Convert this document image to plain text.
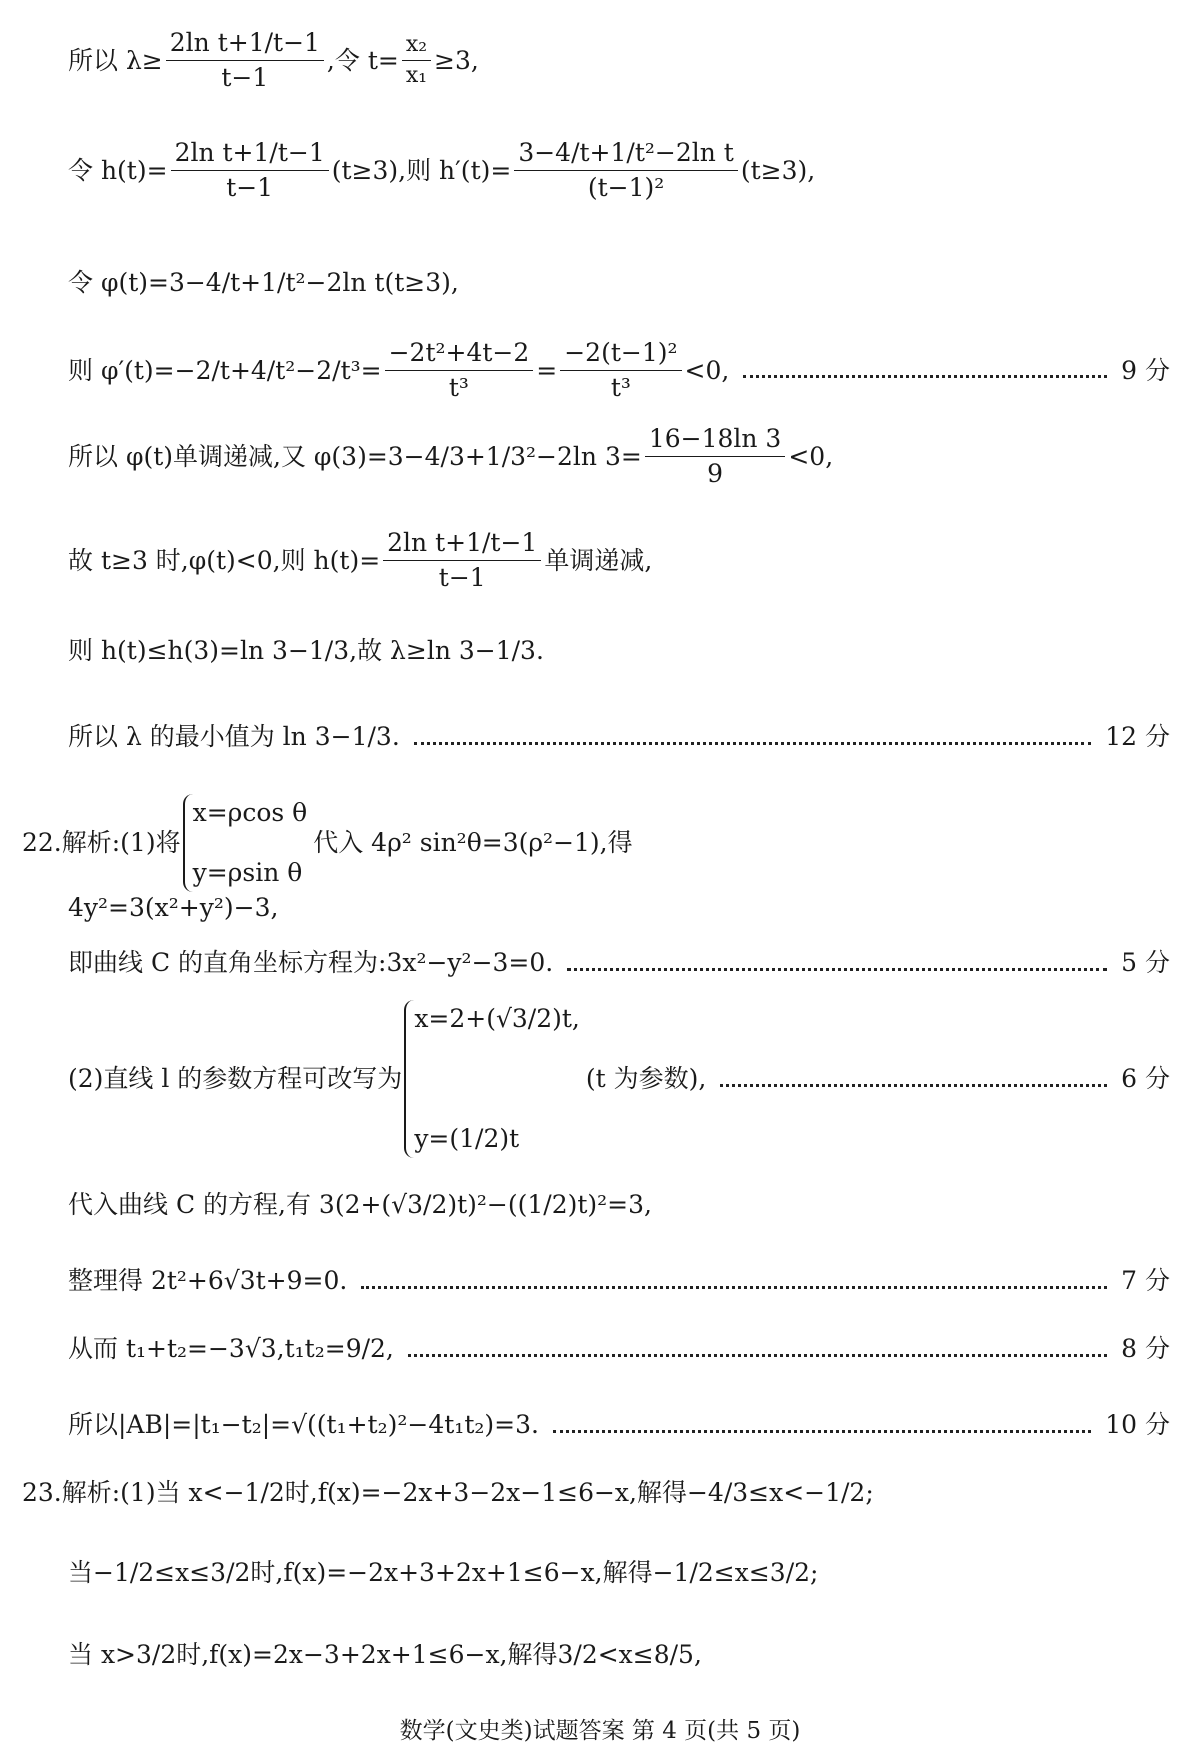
所以 $\lambda\ge \frac{\text{2ln t+1/t−1}}{t-1}$ ,令 $t= \frac{\text{x₂}}{\text{x₁}} \ge 3$,
令 $h(t)= \frac{\text{2ln t+1/t−1}}{t-1} (t\ge 3)$,则 $h'(t)= \frac{\text{3−4/t+1/t²−2ln t}}{\text{(t−1)²}} (t\ge 3)$,
令 φ(t)=3−4/t+1/t²−2ln t(t≥3),
则 $\varphi'(t)=-2/t+4/t^2-2/t^3= \frac{\text{−2t²+4t−2}}{\text{t³}} = \frac{\text{−2(t−1)²}}{\text{t³}} <0$,	9 分
所以 φ(t)单调递减,又 φ(3)=3−4/3+1/3²−2ln $3= \frac{16-18\ln 3}{9} <0$,
故 t≥3 时,φ(t)<0,则 $h(t)= \frac{\text{2ln t+1/t−1}}{t-1}$ 单调递减,
则 h(t)≤h(3)=ln 3−1/3,故 λ≥ln 3−1/3.
所以 λ 的最小值为 ln 3−1/3.	12 分
22.解析:(1)将
x=ρcos θ
y=ρsin θ
代入 4ρ² sin²θ=3(ρ²−1),得
4y²=3(x²+y²)−3,
即曲线 C 的直角坐标方程为:3x²−y²−3=0.	5 分
(2)直线 l 的参数方程可改写为
x=2+(√3/2)t,
y=(1/2)t
(t 为参数),	6 分
代入曲线 C 的方程,有 3(2+(√3/2)t)²−((1/2)t)²=3,
整理得 2t²+6√3t+9=0.	7 分
从而 t₁+t₂=−3√3,t₁t₂=9/2,	8 分
所以|AB|=|t₁−t₂|=√((t₁+t₂)²−4t₁t₂)=3.	10 分
23.解析:(1)当 x<−1/2时,f(x)=−2x+3−2x−1≤6−x,解得−4/3≤x<−1/2;
当−1/2≤x≤3/2时,f(x)=−2x+3+2x+1≤6−x,解得−1/2≤x≤3/2;
当 x>3/2时,f(x)=2x−3+2x+1≤6−x,解得3/2<x≤8/5,
数学(文史类)试题答案 第 4 页(共 5 页)
